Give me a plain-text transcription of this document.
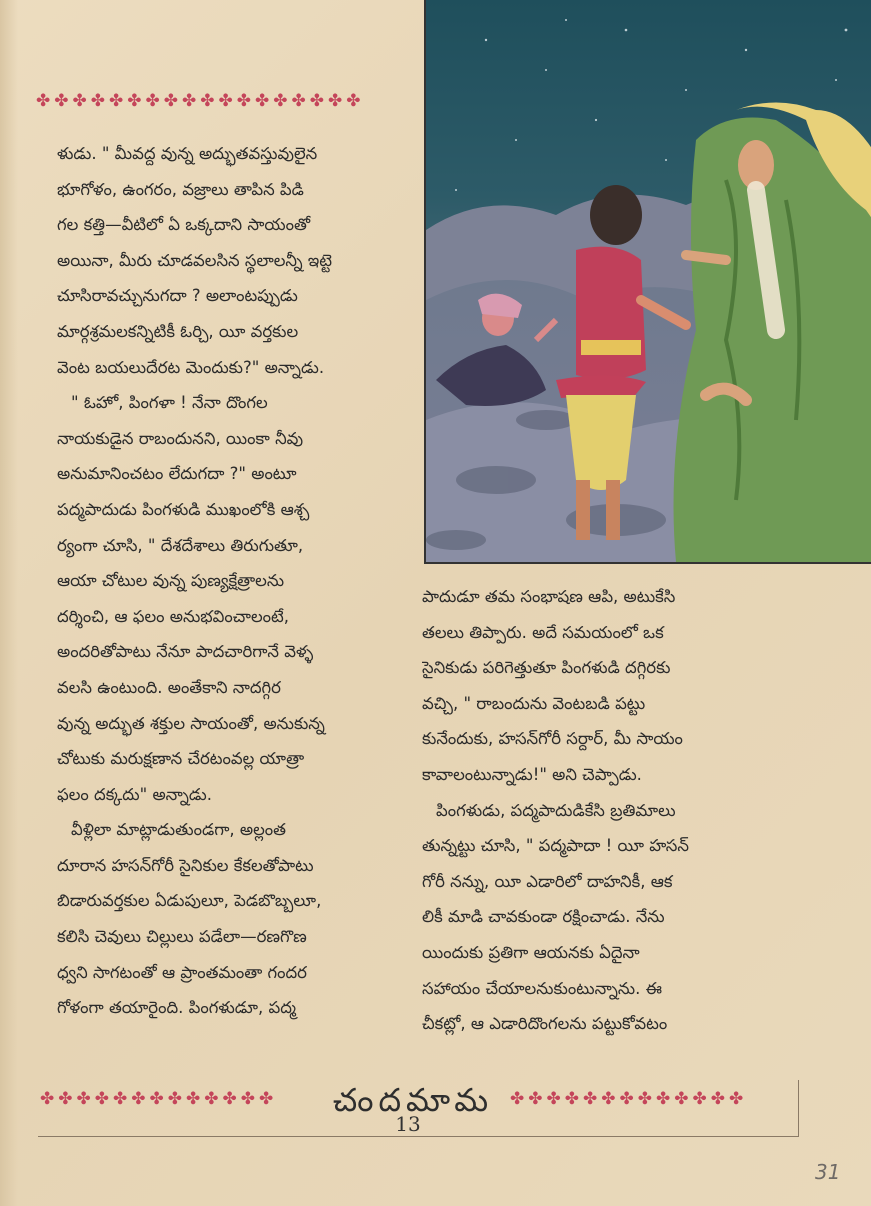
✤ ✤ ✤ ✤ ✤ ✤ ✤ ✤ ✤ ✤ ✤ ✤ ✤ ✤ ✤ ✤ ✤ ✤
ళుడు. " మీవద్ద వున్న అద్భుతవస్తువులైన
భూగోళం, ఉంగరం, వజ్రాలు తాపిన పిడి
గల కత్తి—వీటిలో ఏ ఒక్కదాని సాయంతో
అయినా, మీరు చూడవలసిన స్థలాలన్నీ ఇట్టె
చూసిరావచ్చునుగదా ? అలాంటప్పుడు
మార్గశ్రమలకన్నిటికీ ఓర్చి, యీ వర్తకుల
వెంట బయలుదేరట మెందుకు?" అన్నాడు.
" ఓహో, పింగళా ! నేనా దొంగల
నాయకుడైన రాబందునని, యింకా నీవు
అనుమానించటం లేదుగదా ?" అంటూ
పద్మపాదుడు పింగళుడి ముఖంలోకి ఆశ్చ
ర్యంగా చూసి, " దేశదేశాలు తిరుగుతూ,
ఆయా చోటుల వున్న పుణ్యక్షేత్రాలను
దర్శించి, ఆ ఫలం అనుభవించాలంటే,
అందరితోపాటు నేనూ పాదచారిగానే వెళ్ళ
వలసి ఉంటుంది. అంతేకాని నాదగ్గిర
వున్న అద్భుత శక్తుల సాయంతో, అనుకున్న
చోటుకు మరుక్షణాన చేరటంవల్ల యాత్రా
ఫలం దక్కదు" అన్నాడు.
వీళ్లిలా మాట్లాడుతుండగా, అల్లంత
దూరాన హసన్‌గోరీ సైనికుల కేకలతోపాటు
బిడారువర్తకుల ఏడుపులూ, పెడబొబ్బలూ,
కలిసి చెవులు చిల్లులు పడేలా—రణగొణ
ధ్వని సాగటంతో ఆ ప్రాంతమంతా గందర
గోళంగా తయారైంది. పింగళుడూ, పద్మ
పాదుడూ తమ సంభాషణ ఆపి, అటుకేసి
తలలు తిప్పారు. అదే సమయంలో ఒక
సైనికుడు పరిగెత్తుతూ పింగళుడి దగ్గిరకు
వచ్చి, " రాబందును వెంటబడి పట్టు
కునేందుకు, హసన్‌గోరీ సర్దార్, మీ సాయం
కావాలంటున్నాడు!" అని చెప్పాడు.
పింగళుడు, పద్మపాదుడికేసి బ్రతిమాలు
తున్నట్టు చూసి, " పద్మపాదా ! యీ హసన్
గోరీ నన్ను, యీ ఎడారిలో దాహనికీ, ఆక
లికీ మాడి చావకుండా రక్షించాడు. నేను
యిందుకు ప్రతిగా ఆయనకు ఏదైనా
సహాయం చేయాలనుకుంటున్నాను. ఈ
చీకట్లో, ఆ ఎడారిదొంగలను పట్టుకోవటం
✤ ✤ ✤ ✤ ✤ ✤ ✤ ✤ ✤ ✤ ✤ ✤ ✤	చందమామ ✤ ✤ ✤ ✤ ✤ ✤ ✤ ✤ ✤ ✤ ✤ ✤ ✤
13
31
